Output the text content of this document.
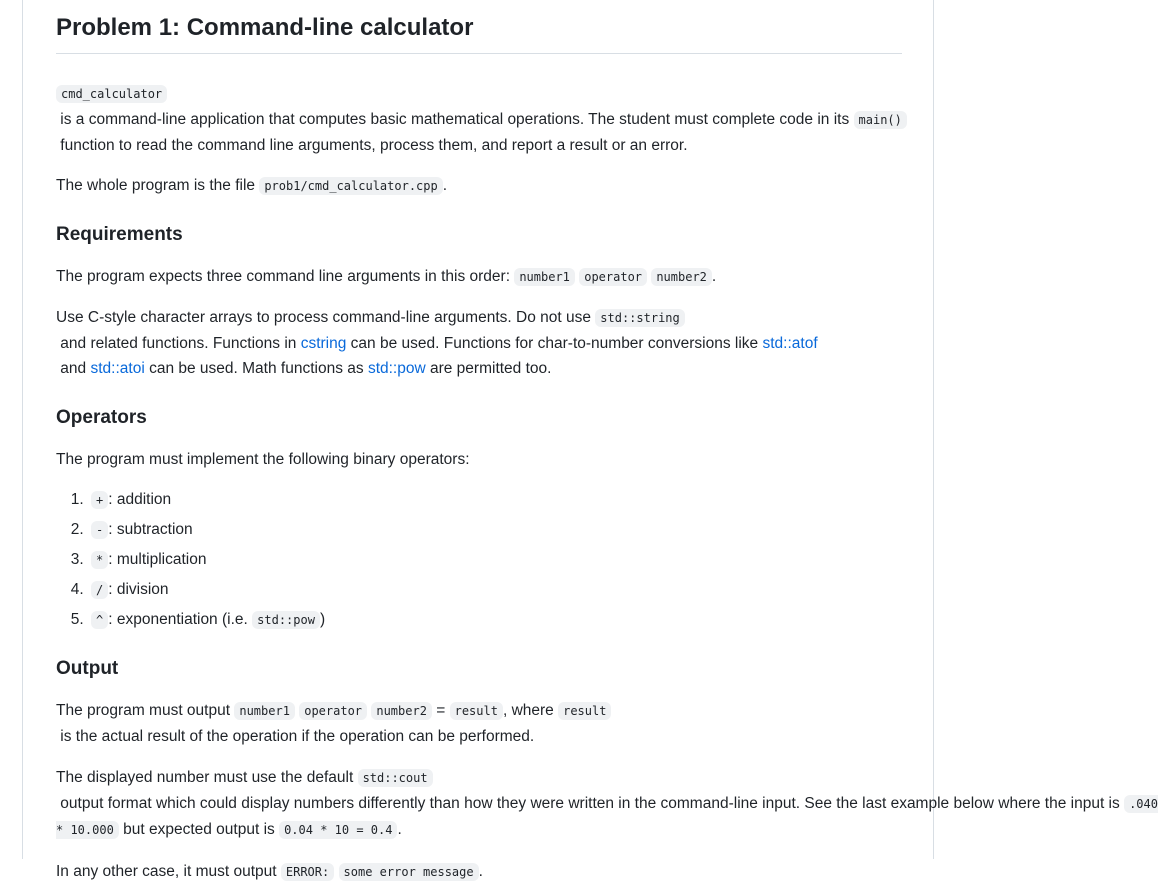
Problem 1: Command-line calculator

cmd_calculator is a command-line application that computes basic mathematical operations. The student must complete code in its main() function to read the command line arguments, process them, and report a result or an error.

The whole program is the file prob1/cmd_calculator.cpp .

Requirements

The program expects three command line arguments in this order: number1 operator number2 .

Use C-style character arrays to process command-line arguments. Do not use std::string and related functions. Functions in cstring can be used. Functions for char-to-number conversions like std::atof and std::atoi can be used. Math functions as std::pow are permitted too.

Operators

The program must implement the following binary operators:

1. + : addition
2. - : subtraction
3. * : multiplication
4. / : division
5. ^ : exponentiation (i.e. std::pow )
Output

The program must output number1 operator number2 = result , where result is the actual result of the operation if the operation can be performed.

The displayed number must use the default std::cout output format which could display numbers differently than how they were written in the command-line input. See the last example below where the input is .040 * 10.000 but expected output is 0.04 * 10 = 0.4 .

In any other case, it must output ERROR: some error message .
